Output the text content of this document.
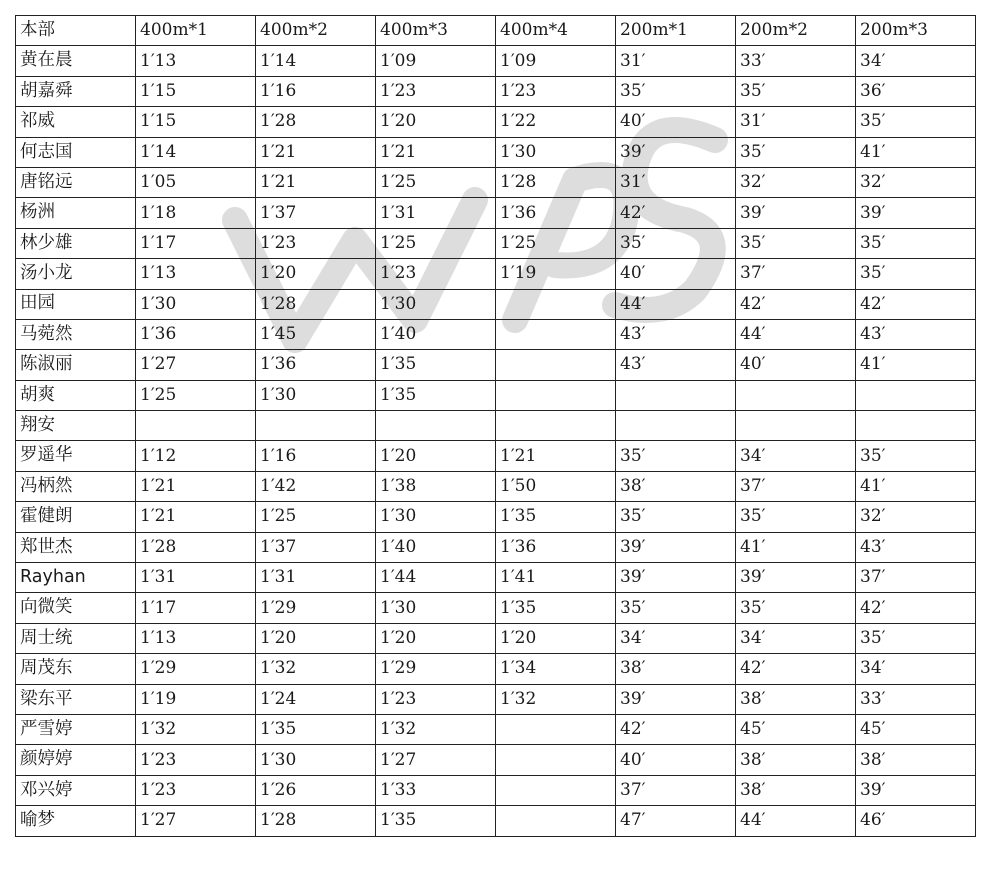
本部	400m*1	400m*2	400m*3	400m*4	200m*1	200m*2	200m*3
黄在晨	1′13	1′14	1′09	1′09	31′	33′	34′
胡嘉舜	1′15	1′16	1′23	1′23	35′	35′	36′
祁威	1′15	1′28	1′20	1′22	40′	31′	35′
何志国	1′14	1′21	1′21	1′30	39′	35′	41′
唐铭远	1′05	1′21	1′25	1′28	31′	32′	32′
杨洲	1′18	1′37	1′31	1′36	42′	39′	39′
林少雄	1′17	1′23	1′25	1′25	35′	35′	35′
汤小龙	1′13	1′20	1′23	1′19	40′	37′	35′
田园	1′30	1′28	1′30		44′	42′	42′
马菀然	1′36	1′45	1′40		43′	44′	43′
陈淑丽	1′27	1′36	1′35		43′	40′	41′
胡爽	1′25	1′30	1′35				
翔安							
罗遥华	1′12	1′16	1′20	1′21	35′	34′	35′
冯柄然	1′21	1′42	1′38	1′50	38′	37′	41′
霍健朗	1′21	1′25	1′30	1′35	35′	35′	32′
郑世杰	1′28	1′37	1′40	1′36	39′	41′	43′
Rayhan	1′31	1′31	1′44	1′41	39′	39′	37′
向微笑	1′17	1′29	1′30	1′35	35′	35′	42′
周士统	1′13	1′20	1′20	1′20	34′	34′	35′
周茂东	1′29	1′32	1′29	1′34	38′	42′	34′
梁东平	1′19	1′24	1′23	1′32	39′	38′	33′
严雪婷	1′32	1′35	1′32		42′	45′	45′
颜婷婷	1′23	1′30	1′27		40′	38′	38′
邓兴婷	1′23	1′26	1′33		37′	38′	39′
喻梦	1′27	1′28	1′35		47′	44′	46′
